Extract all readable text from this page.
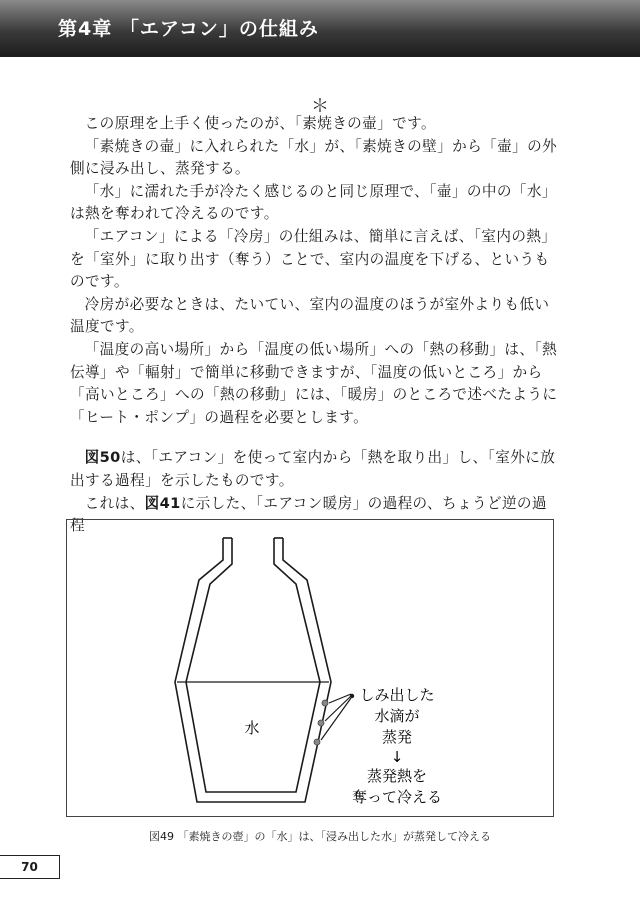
第4章 「エアコン」の仕組み
＊

この原理を上手く使ったのが、「素焼きの壷」です。

「素焼きの壷」に入れられた「水」が、「素焼きの壁」から「壷」の外側に浸み出し、蒸発する。

「水」に濡れた手が冷たく感じるのと同じ原理で、「壷」の中の「水」は熱を奪われて冷えるのです。

「エアコン」による「冷房」の仕組みは、簡単に言えば、「室内の熱」を「室外」に取り出す（奪う）ことで、室内の温度を下げる、というものです。

冷房が必要なときは、たいてい、室内の温度のほうが室外よりも低い温度です。

「温度の高い場所」から「温度の低い場所」への「熱の移動」は、「熱伝導」や「輻射」で簡単に移動できますが、「温度の低いところ」から「高いところ」への「熱の移動」には、「暖房」のところで述べたように「ヒート・ポンプ」の過程を必要とします。

図50は、「エアコン」を使って室内から「熱を取り出」し、「室外に放出する過程」を示したものです。

これは、図41に示した、「エアコン暖房」の過程の、ちょうど逆の過程

水
しみ出した
水滴が
蒸発
↓
蒸発熱を
奪って冷える
図49 「素焼きの壺」の「水」は、「浸み出した水」が蒸発して冷える
70
